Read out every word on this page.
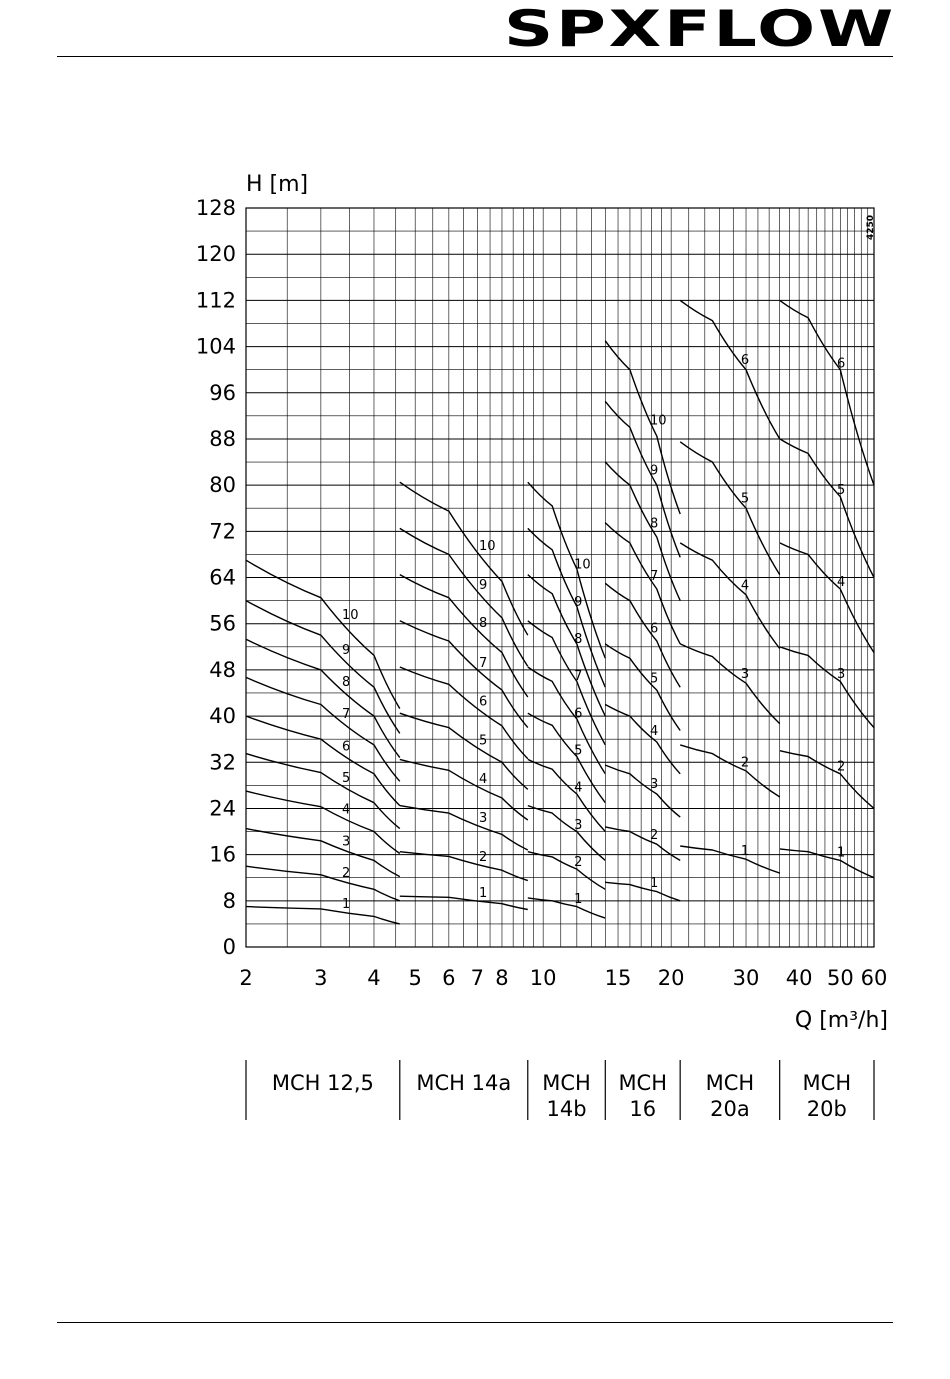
SPXFLOW
1
2
3
4
5
6
7
8
9
10
1
2
3
4
5
6
7
8
9
10
1
2
3
4
5
6
7
8
9
10
1
2
3
4
5
6
7
8
9
10
1
2
3
4
5
6
1
2
3
4
5
6
128
120
112
104
96
88
80
72
64
56
48
40
32
24
16
8
0
2	3 4 5 6 7 8 10 15 20 30 40 50 60
H [m]
Q [m³/h]
4250
MCH 12,5 MCH 14a MCH
14b
MCH
16
MCH
20a
MCH
20b
